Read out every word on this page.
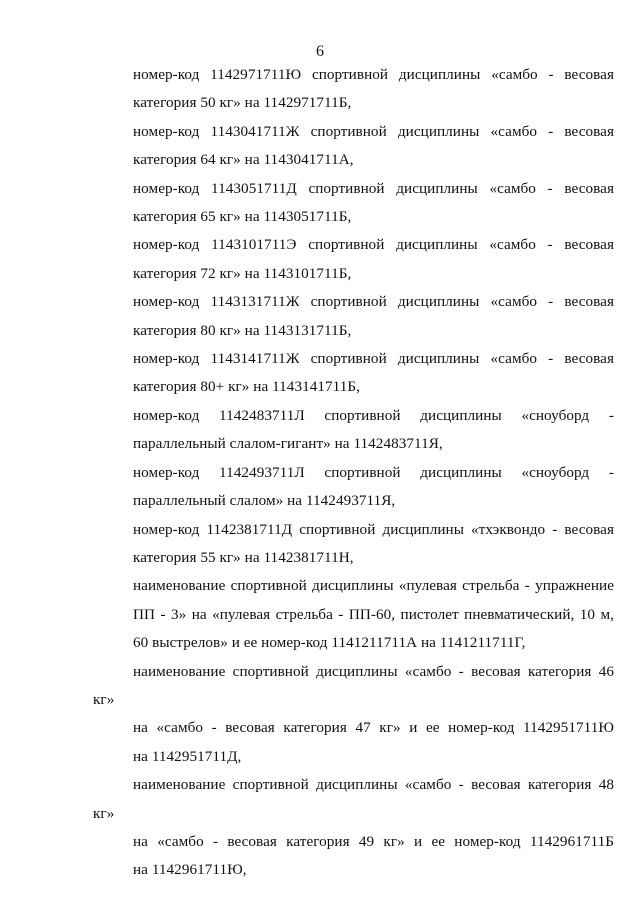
6

номер-код 1142971711Ю спортивной дисциплины «самбо - весовая
категория 50 кг» на 1142971711Б,

номер-код 1143041711Ж спортивной дисциплины «самбо - весовая
категория 64 кг» на 1143041711А,

номер-код 1143051711Д спортивной дисциплины «самбо - весовая
категория 65 кг» на 1143051711Б,

номер-код 1143101711Э спортивной дисциплины «самбо - весовая
категория 72 кг» на 1143101711Б,

номер-код 1143131711Ж спортивной дисциплины «самбо - весовая
категория 80 кг» на 1143131711Б,

номер-код 1143141711Ж спортивной дисциплины «самбо - весовая
категория 80+ кг» на 1143141711Б,

номер-код 1142483711Л спортивной дисциплины «сноуборд -
параллельный слалом-гигант» на 1142483711Я,

номер-код 1142493711Л спортивной дисциплины «сноуборд -
параллельный слалом» на 1142493711Я,

номер-код 1142381711Д спортивной дисциплины «тхэквондо - весовая
категория 55 кг» на 1142381711Н,

наименование спортивной дисциплины «пулевая стрельба - упражнение
ПП - 3» на «пулевая стрельба - ПП-60, пистолет пневматический, 10 м,
60 выстрелов» и ее номер-код 1141211711А на 1141211711Г,

наименование спортивной дисциплины «самбо - весовая категория 46 кг»
на «самбо - весовая категория 47 кг» и ее номер-код 1142951711Ю
на 1142951711Д,

наименование спортивной дисциплины «самбо - весовая категория 48 кг»
на «самбо - весовая категория 49 кг» и ее номер-код 1142961711Б
на 1142961711Ю,
